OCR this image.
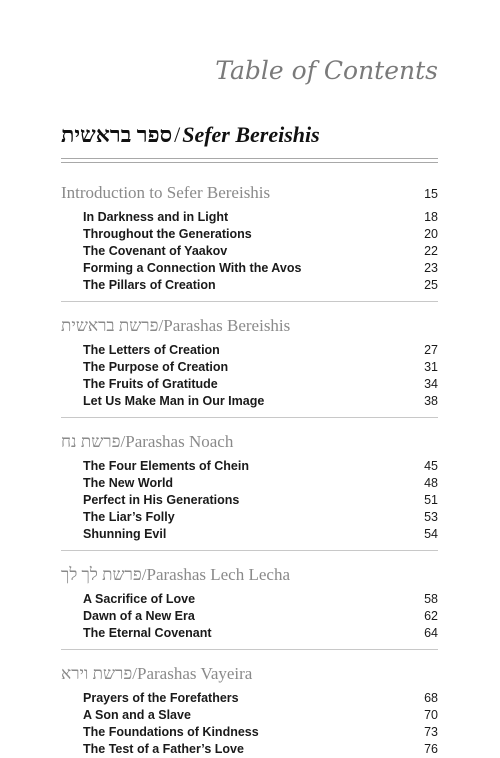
Table of Contents
ספר בראשית/Sefer Bereishis
Introduction to Sefer Bereishis	15
In Darkness and in Light	18
Throughout the Generations	20
The Covenant of Yaakov	22
Forming a Connection With the Avos	23
The Pillars of Creation	25
פרשת בראשית/Parashas Bereishis
The Letters of Creation	27
The Purpose of Creation	31
The Fruits of Gratitude	34
Let Us Make Man in Our Image	38
פרשת נח/Parashas Noach
The Four Elements of Chein	45
The New World	48
Perfect in His Generations	51
The Liar’s Folly	53
Shunning Evil	54
פרשת לך לך/Parashas Lech Lecha
A Sacrifice of Love	58
Dawn of a New Era	62
The Eternal Covenant	64
פרשת וירא/Parashas Vayeira
Prayers of the Forefathers	68
A Son and a Slave	70
The Foundations of Kindness	73
The Test of a Father’s Love	76
